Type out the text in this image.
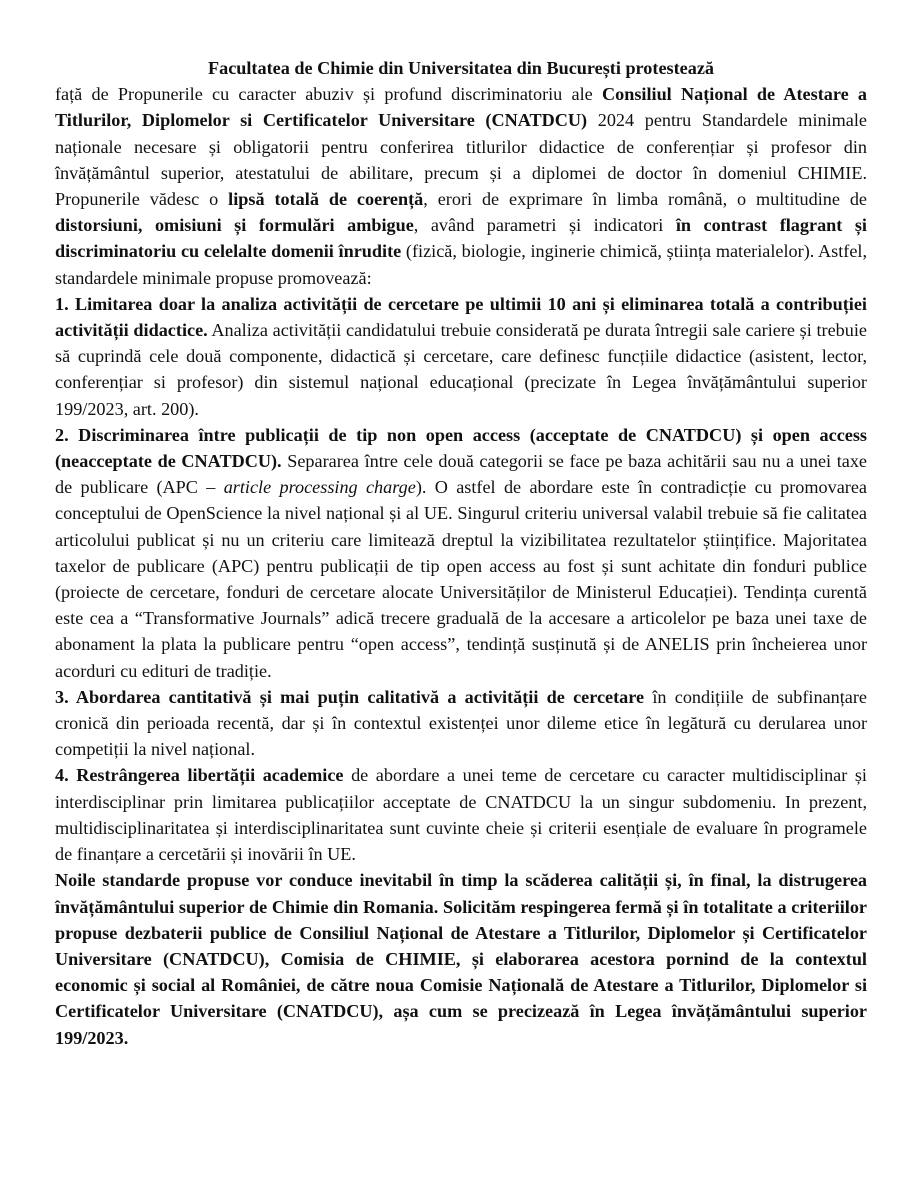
Facultatea de Chimie din Universitatea din București protestează

față de Propunerile cu caracter abuziv și profund discriminatoriu ale Consiliul Național de Atestare a Titlurilor, Diplomelor si Certificatelor Universitare (CNATDCU) 2024 pentru Standardele minimale naționale necesare și obligatorii pentru conferirea titlurilor didactice de conferențiar și profesor din învățământul superior, atestatului de abilitare, precum și a diplomei de doctor în domeniul CHIMIE. Propunerile vădesc o lipsă totală de coerență, erori de exprimare în limba română, o multitudine de distorsiuni, omisiuni și formulări ambigue, având parametri și indicatori în contrast flagrant și discriminatoriu cu celelalte domenii înrudite (fizică, biologie, inginerie chimică, știința materialelor). Astfel, standardele minimale propuse promovează:

1. Limitarea doar la analiza activității de cercetare pe ultimii 10 ani și eliminarea totală a contribuției activității didactice. Analiza activității candidatului trebuie considerată pe durata întregii sale cariere și trebuie să cuprindă cele două componente, didactică și cercetare, care definesc funcțiile didactice (asistent, lector, conferențiar si profesor) din sistemul național educațional (precizate în Legea învățământului superior 199/2023, art. 200).

2. Discriminarea între publicații de tip non open access (acceptate de CNATDCU) și open access (neacceptate de CNATDCU). Separarea între cele două categorii se face pe baza achitării sau nu a unei taxe de publicare (APC – article processing charge). O astfel de abordare este în contradicție cu promovarea conceptului de OpenScience la nivel național și al UE. Singurul criteriu universal valabil trebuie să fie calitatea articolului publicat și nu un criteriu care limitează dreptul la vizibilitatea rezultatelor științifice. Majoritatea taxelor de publicare (APC) pentru publicații de tip open access au fost și sunt achitate din fonduri publice (proiecte de cercetare, fonduri de cercetare alocate Universităților de Ministerul Educației). Tendința curentă este cea a “Transformative Journals” adică trecere graduală de la accesare a articolelor pe baza unei taxe de abonament la plata la publicare pentru “open access”, tendință susținută și de ANELIS prin încheierea unor acorduri cu edituri de tradiție.

3. Abordarea cantitativă și mai puțin calitativă a activității de cercetare în condițiile de subfinanțare cronică din perioada recentă, dar și în contextul existenței unor dileme etice în legătură cu derularea unor competiții la nivel național.

4. Restrângerea libertății academice de abordare a unei teme de cercetare cu caracter multidisciplinar și interdisciplinar prin limitarea publicațiilor acceptate de CNATDCU la un singur subdomeniu. In prezent, multidisciplinaritatea și interdisciplinaritatea sunt cuvinte cheie și criterii esențiale de evaluare în programele de finanțare a cercetării și inovării în UE.

Noile standarde propuse vor conduce inevitabil în timp la scăderea calității și, în final, la distrugerea învățământului superior de Chimie din Romania. Solicităm respingerea fermă și în totalitate a criteriilor propuse dezbaterii publice de Consiliul Național de Atestare a Titlurilor, Diplomelor și Certificatelor Universitare (CNATDCU), Comisia de CHIMIE, și elaborarea acestora pornind de la contextul economic și social al României, de către noua Comisie Națională de Atestare a Titlurilor, Diplomelor si Certificatelor Universitare (CNATDCU), așa cum se precizează în Legea învățământului superior 199/2023.
